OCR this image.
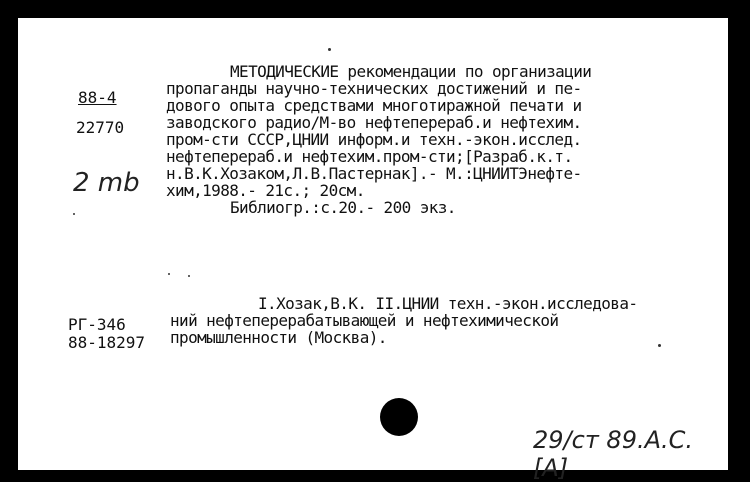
88-4
22770
2 mb
МЕТОДИЧЕСКИЕ рекомендации по организации
пропаганды научно-технических достижений и пе-
дового опыта средствами многотиражной печати и
заводского радио/М-во нефтеперераб.и нефтехим.
пром-сти СССР,ЦНИИ информ.и техн.-экон.исслед.
нефтеперераб.и нефтехим.пром-сти;[Разраб.к.т.
н.В.К.Хозаком,Л.В.Пастернак].- М.:ЦНИИТЭнефте-
хим,1988.- 21с.; 20см.
Библиогр.:с.20.- 200 экз.
РГ-346
88-18297
I.Хозак,В.К. II.ЦНИИ техн.-экон.исследова-
ний нефтеперерабатывающей и нефтехимической
промышленности (Москва).
29/ст 89.А.С.[А]
